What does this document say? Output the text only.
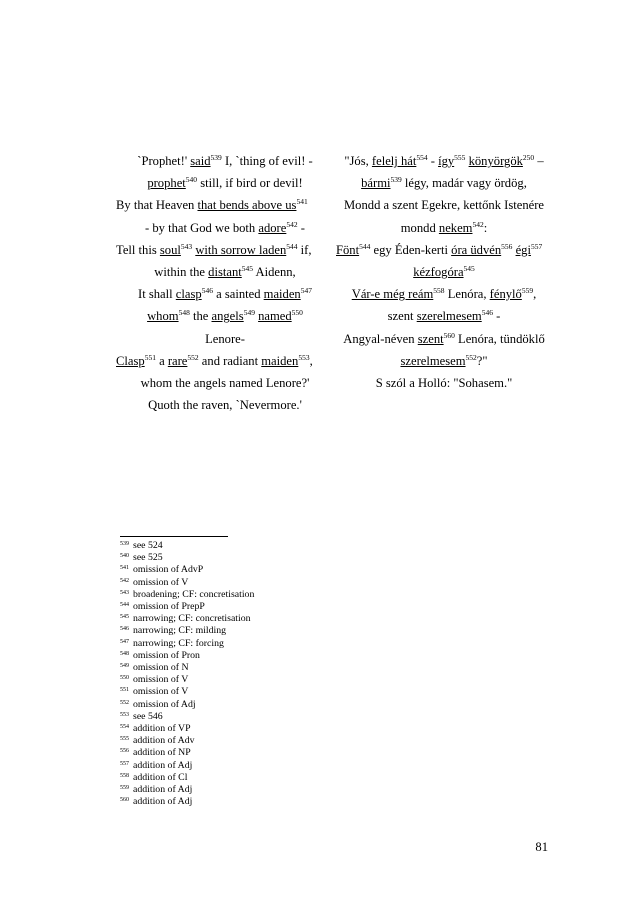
`Prophet!' said$^{539}$ I, `thing of evil! -
prophet$^{540}$ still, if bird or devil!
By that Heaven that bends above $us^{541}$
- by that God we both adore$^{542}$ -
Tell this soul$^{543}$ with sorrow laden$^{544}$ if,
within the distant$^{545}$ Aidenn,
It shall clasp$^{546}$ a sainted maiden$^{547}$
whom$^{548}$ the angels$^{549}$ named$^{550}$
Lenore-
Clasp$^{551}$ a rare$^{552}$ and radiant maiden$^{553}$,
whom the angels named Lenore?'
Quoth the raven, `Nevermore.'
"Jós, felelj hát$^{554}$ - így$^{555}$ könyörgök$^{250}$ –
bármi$^{539}$ légy, madár vagy ördög,
Mondd a szent Egekre, kettőnk Istenére
mondd nekem$^{542}$:
Fönt$^{544}$ egy Éden-kerti óra üdvén$^{556}$ égi$^{557}$
kézfogóra$^{545}$
Vár-e még reám$^{558}$ Lenóra, fénylő$^{559}$,
szent szerelmesem$^{546}$ -
Angyal-néven szent$^{560}$ Lenóra, tündöklő
szerelmesem$^{552}$?"
S szól a Holló: "Sohasem."
$^{539}$ see 524
$^{540}$ see 525
$^{541}$ omission of AdvP
$^{542}$ omission of V
$^{543}$ broadening; CF: concretisation
$^{544}$ omission of PrepP
$^{545}$ narrowing; CF: concretisation
$^{546}$ narrowing; CF: milding
$^{547}$ narrowing; CF: forcing
$^{548}$ omission of Pron
$^{549}$ omission of N
$^{550}$ omission of V
$^{551}$ omission of V
$^{552}$ omission of Adj
$^{553}$ see 546
$^{554}$ addition of VP
$^{555}$ addition of Adv
$^{556}$ addition of NP
$^{557}$ addition of Adj
$^{558}$ addition of Cl
$^{559}$ addition of Adj
$^{560}$ addition of Adj
81
